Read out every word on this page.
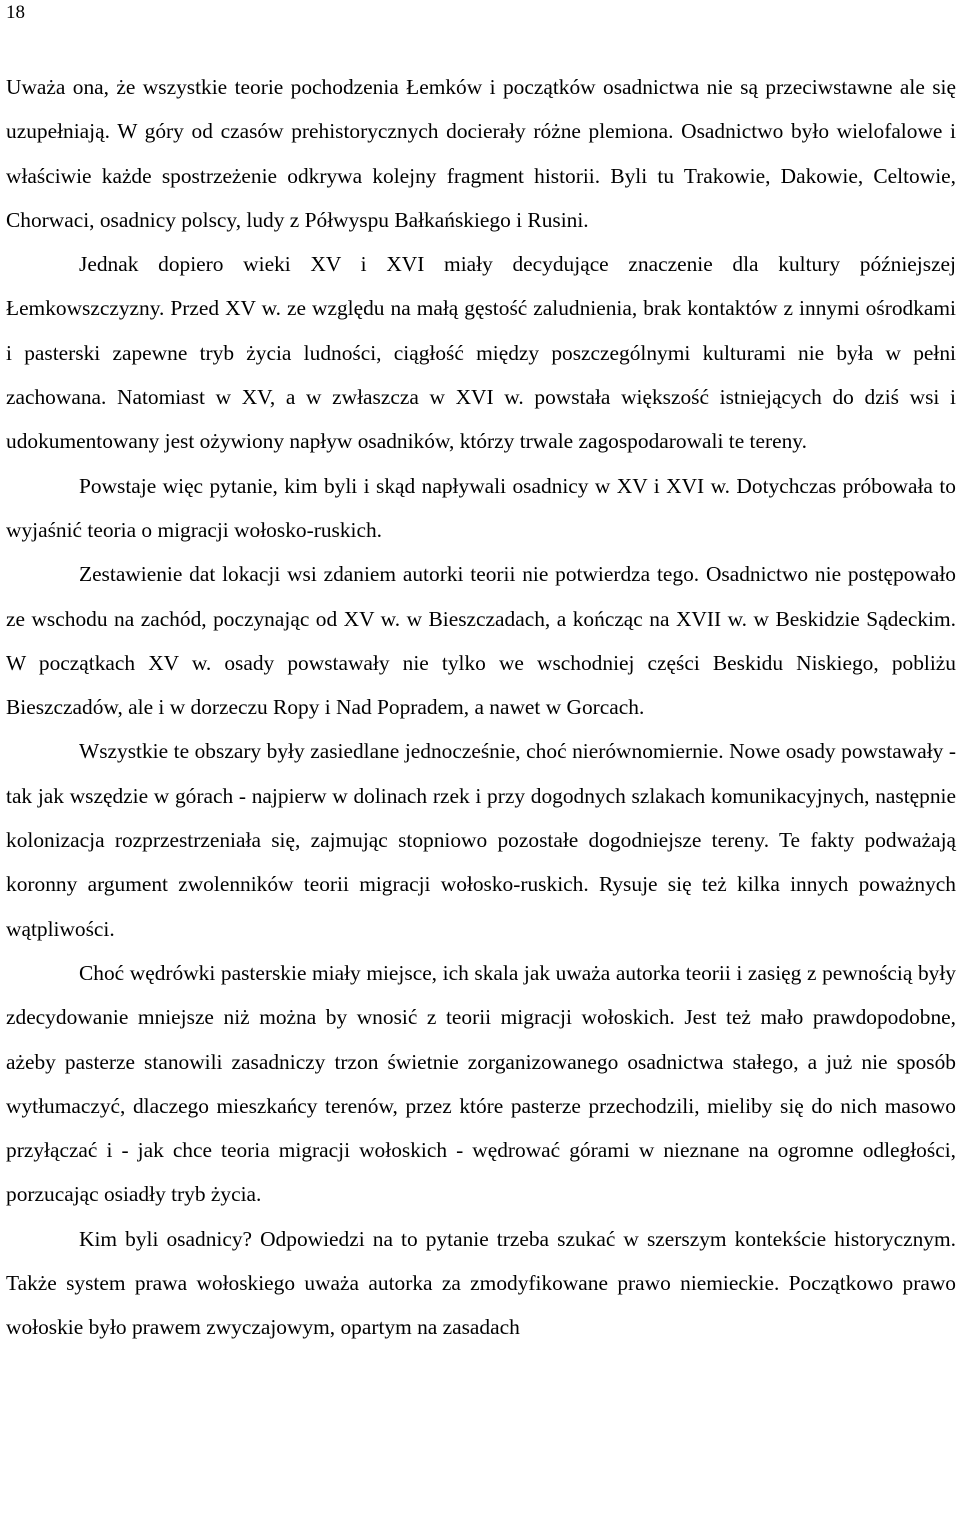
18

Uważa ona, że wszystkie teorie pochodzenia Łemków i początków osadnictwa nie są przeciwstawne ale się uzupełniają. W góry od czasów prehistorycznych docierały różne plemiona. Osadnictwo było wielofalowe i właściwie każde spostrzeżenie odkrywa kolejny fragment historii. Byli tu Trakowie, Dakowie, Celtowie, Chorwaci, osadnicy polscy, ludy z Półwyspu Bałkańskiego i Rusini.

Jednak dopiero wieki XV i XVI miały decydujące znaczenie dla kultury późniejszej Łemkowszczyzny. Przed XV w. ze względu na małą gęstość zaludnienia, brak kontaktów z innymi ośrodkami i pasterski zapewne tryb życia ludności, ciągłość między poszczególnymi kulturami nie była w pełni zachowana. Natomiast w XV, a w zwłaszcza w XVI w. powstała większość istniejących do dziś wsi i udokumentowany jest ożywiony napływ osadników, którzy trwale zagospodarowali te tereny.

Powstaje więc pytanie, kim byli i skąd napływali osadnicy w XV i XVI w. Dotychczas próbowała to wyjaśnić teoria o migracji wołosko-ruskich.

Zestawienie dat lokacji wsi zdaniem autorki teorii nie potwierdza tego. Osadnictwo nie postępowało ze wschodu na zachód, poczynając od XV w. w Bieszczadach, a kończąc na XVII w. w Beskidzie Sądeckim. W początkach XV w. osady powstawały nie tylko we wschodniej części Beskidu Niskiego, pobliżu Bieszczadów, ale i w dorzeczu Ropy i Nad Popradem, a nawet w Gorcach.

Wszystkie te obszary były zasiedlane jednocześnie, choć nierównomiernie. Nowe osady powstawały - tak jak wszędzie w górach - najpierw w dolinach rzek i przy dogodnych szlakach komunikacyjnych, następnie kolonizacja rozprzestrzeniała się, zajmując stopniowo pozostałe dogodniejsze tereny. Te fakty podważają koronny argument zwolenników teorii migracji wołosko-ruskich. Rysuje się też kilka innych poważnych wątpliwości.

Choć wędrówki pasterskie miały miejsce, ich skala jak uważa autorka teorii i zasięg z pewnością były zdecydowanie mniejsze niż można by wnosić z teorii migracji wołoskich. Jest też mało prawdopodobne, ażeby pasterze stanowili zasadniczy trzon świetnie zorganizowanego osadnictwa stałego, a już nie sposób wytłumaczyć, dlaczego mieszkańcy terenów, przez które pasterze przechodzili, mieliby się do nich masowo przyłączać i - jak chce teoria migracji wołoskich - wędrować górami w nieznane na ogromne odległości, porzucając osiadły tryb życia.

Kim byli osadnicy? Odpowiedzi na to pytanie trzeba szukać w szerszym kontekście historycznym. Także system prawa wołoskiego uważa autorka za zmodyfikowane prawo niemieckie. Początkowo prawo wołoskie było prawem zwyczajowym, opartym na zasadach
